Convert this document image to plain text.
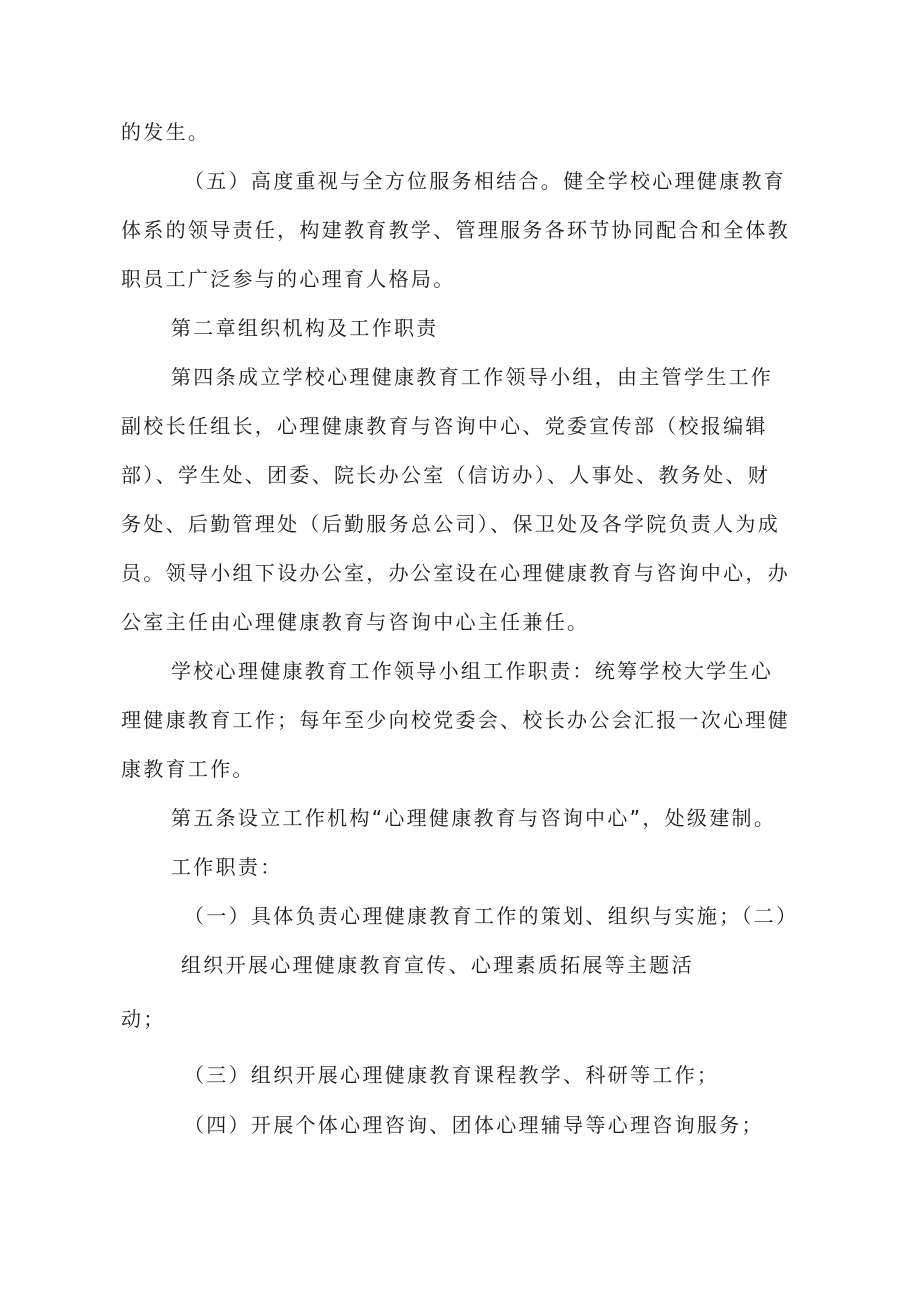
的发生。

（五）高度重视与全方位服务相结合。健全学校心理健康教育

体系的领导责任，构建教育教学、管理服务各环节协同配合和全体教

职员工广泛参与的心理育人格局。

第二章组织机构及工作职责

第四条成立学校心理健康教育工作领导小组，由主管学生工作

副校长任组长，心理健康教育与咨询中心、党委宣传部（校报编辑

部）、学生处、团委、院长办公室（信访办）、人事处、教务处、财

务处、后勤管理处（后勤服务总公司）、保卫处及各学院负责人为成

员。领导小组下设办公室，办公室设在心理健康教育与咨询中心，办

公室主任由心理健康教育与咨询中心主任兼任。

学校心理健康教育工作领导小组工作职责：统筹学校大学生心

理健康教育工作；每年至少向校党委会、校长办公会汇报一次心理健

康教育工作。

第五条设立工作机构“心理健康教育与咨询中心”，处级建制。

工作职责：

（一）具体负责心理健康教育工作的策划、组织与实施；（二）

组织开展心理健康教育宣传、心理素质拓展等主题活

动；

（三）组织开展心理健康教育课程教学、科研等工作；

（四）开展个体心理咨询、团体心理辅导等心理咨询服务；
